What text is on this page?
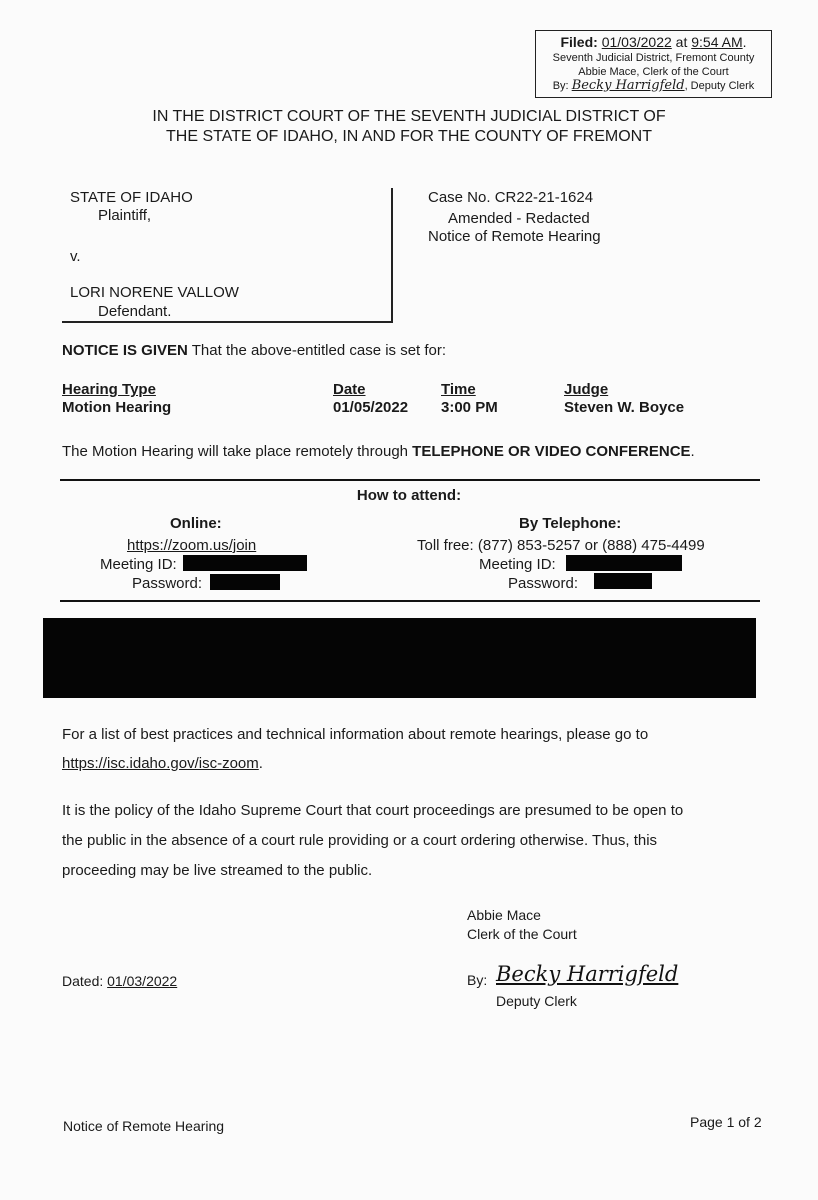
Filed: 01/03/2022 at 9:54 AM.
Seventh Judicial District, Fremont County
Abbie Mace, Clerk of the Court
By: Becky Harrigfeld, Deputy Clerk
IN THE DISTRICT COURT OF THE SEVENTH JUDICIAL DISTRICT OF
THE STATE OF IDAHO, IN AND FOR THE COUNTY OF FREMONT
STATE OF IDAHO
Plaintiff,
v.
LORI NORENE VALLOW
Defendant.
Case No. CR22-21-1624
Amended - Redacted
Notice of Remote Hearing
NOTICE IS GIVEN That the above-entitled case is set for:
Hearing Type	Date	Time	Judge
Motion Hearing	01/05/2022 3:00 PM	Steven W. Boyce
The Motion Hearing will take place remotely through TELEPHONE OR VIDEO CONFERENCE.
How to attend:
Online:
https://zoom.us/join
Meeting ID:
Password:
By Telephone:
Toll free: (877) 853-5257 or (888) 475-4499
Meeting ID:
Password:
For a list of best practices and technical information about remote hearings, please go to
https://isc.idaho.gov/isc-zoom.
It is the policy of the Idaho Supreme Court that court proceedings are presumed to be open to
the public in the absence of a court rule providing or a court ordering otherwise. Thus, this
proceeding may be live streamed to the public.
Abbie Mace
Clerk of the Court
By: Becky Harrigfeld
Deputy Clerk
Dated: 01/03/2022
Notice of Remote Hearing	Page 1 of 2
